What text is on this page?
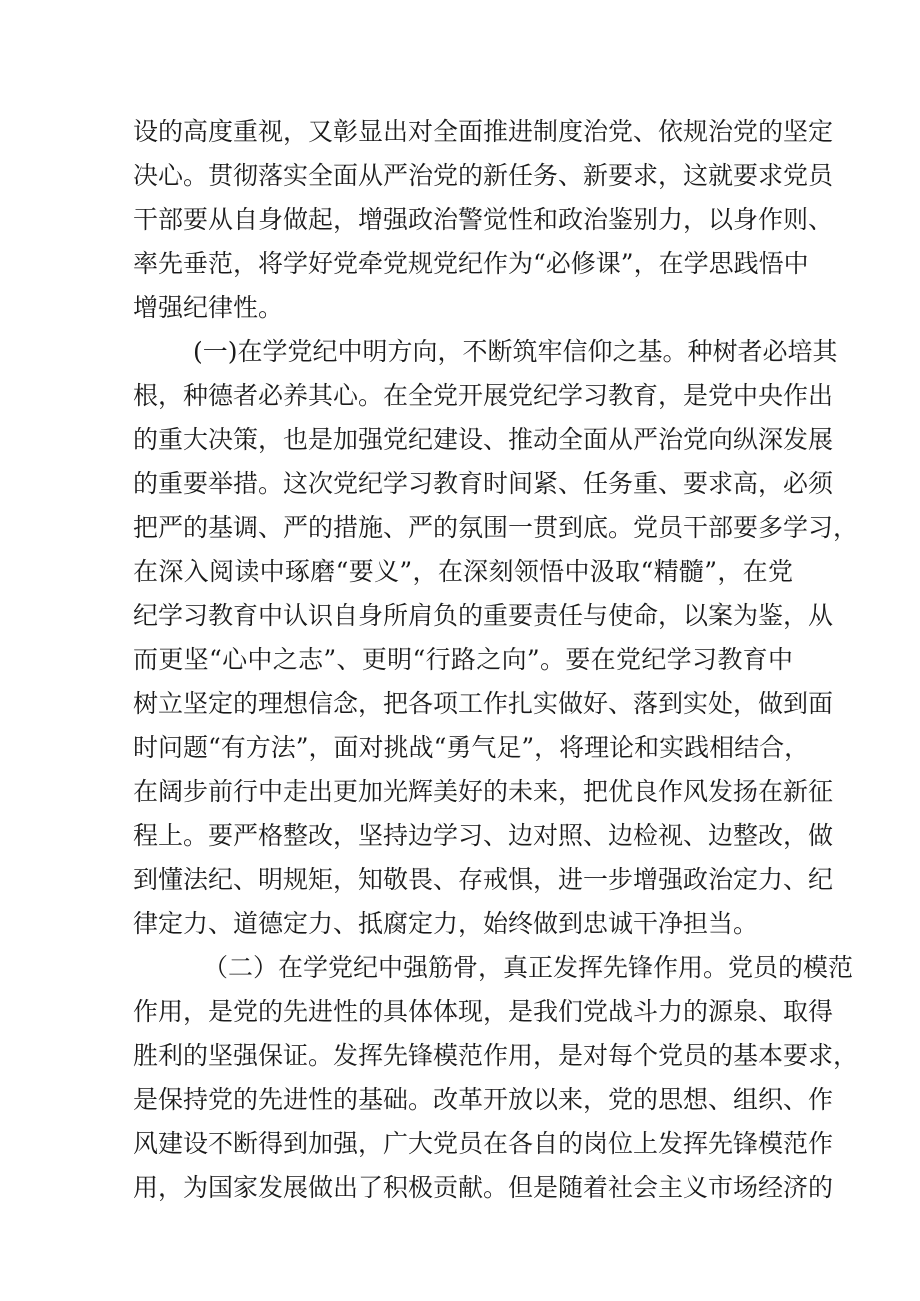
设的高度重视，又彰显出对全面推进制度治党、依规治党的坚定
决心。贯彻落实全面从严治党的新任务、新要求，这就要求党员
干部要从自身做起，增强政治警觉性和政治鉴别力，以身作则、
率先垂范，将学好党牵党规党纪作为“必修课”，在学思践悟中
增强纪律性。
(一)在学党纪中明方向，不断筑牢信仰之基。种树者必培其
根，种德者必养其心。在全党开展党纪学习教育，是党中央作出
的重大决策，也是加强党纪建设、推动全面从严治党向纵深发展
的重要举措。这次党纪学习教育时间紧、任务重、要求高，必须
把严的基调、严的措施、严的氛围一贯到底。党员干部要多学习，
在深入阅读中琢磨“要义”，在深刻领悟中汲取“精髓”，在党
纪学习教育中认识自身所肩负的重要责任与使命，以案为鉴，从
而更坚“心中之志”、更明“行路之向”。要在党纪学习教育中
树立坚定的理想信念，把各项工作扎实做好、落到实处，做到面
时问题“有方法”，面对挑战“勇气足”，将理论和实践相结合，
在阔步前行中走出更加光辉美好的未来，把优良作风发扬在新征
程上。要严格整改，坚持边学习、边对照、边检视、边整改，做
到懂法纪、明规矩，知敬畏、存戒惧，进一步增强政治定力、纪
律定力、道德定力、抵腐定力，始终做到忠诚干净担当。
（二）在学党纪中强筋骨，真正发挥先锋作用。党员的模范
作用，是党的先进性的具体体现，是我们党战斗力的源泉、取得
胜利的坚强保证。发挥先锋模范作用，是对每个党员的基本要求，
是保持党的先进性的基础。改革开放以来，党的思想、组织、作
风建设不断得到加强，广大党员在各自的岗位上发挥先锋模范作
用，为国家发展做出了积极贡献。但是随着社会主义市场经济的
